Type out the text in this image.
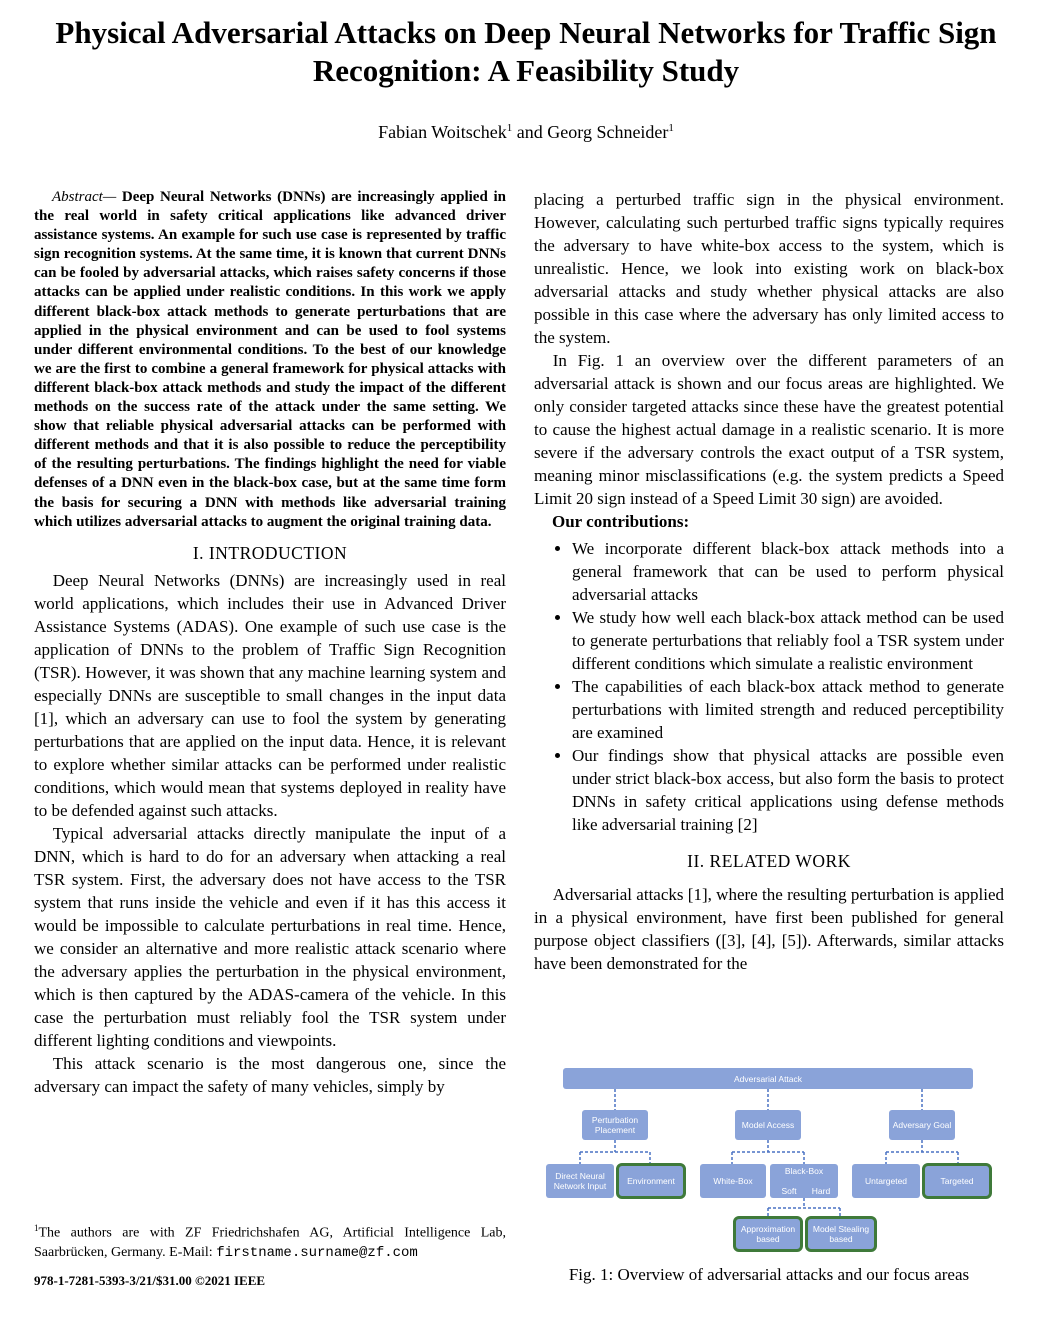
Physical Adversarial Attacks on Deep Neural Networks for Traffic Sign Recognition: A Feasibility Study
Fabian Woitschek$^1$ and Georg Schneider$^1$

Abstract— Deep Neural Networks (DNNs) are increasingly applied in the real world in safety critical applications like advanced driver assistance systems. An example for such use case is represented by traffic sign recognition systems. At the same time, it is known that current DNNs can be fooled by adversarial attacks, which raises safety concerns if those attacks can be applied under realistic conditions. In this work we apply different black-box attack methods to generate perturbations that are applied in the physical environment and can be used to fool systems under different environmental conditions. To the best of our knowledge we are the first to combine a general framework for physical attacks with different black-box attack methods and study the impact of the different methods on the success rate of the attack under the same setting. We show that reliable physical adversarial attacks can be performed with different methods and that it is also possible to reduce the perceptibility of the resulting perturbations. The findings highlight the need for viable defenses of a DNN even in the black-box case, but at the same time form the basis for securing a DNN with methods like adversarial training which utilizes adversarial attacks to augment the original training data.

I. INTRODUCTION

Deep Neural Networks (DNNs) are increasingly used in real world applications, which includes their use in Advanced Driver Assistance Systems (ADAS). One example of such use case is the application of DNNs to the problem of Traffic Sign Recognition (TSR). However, it was shown that any machine learning system and especially DNNs are susceptible to small changes in the input data [1], which an adversary can use to fool the system by generating perturbations that are applied on the input data. Hence, it is relevant to explore whether similar attacks can be performed under realistic conditions, which would mean that systems deployed in reality have to be defended against such attacks.

Typical adversarial attacks directly manipulate the input of a DNN, which is hard to do for an adversary when attacking a real TSR system. First, the adversary does not have access to the TSR system that runs inside the vehicle and even if it has this access it would be impossible to calculate perturbations in real time. Hence, we consider an alternative and more realistic attack scenario where the adversary applies the perturbation in the physical environment, which is then captured by the ADAS-camera of the vehicle. In this case the perturbation must reliably fool the TSR system under different lighting conditions and viewpoints.

This attack scenario is the most dangerous one, since the adversary can impact the safety of many vehicles, simply by

placing a perturbed traffic sign in the physical environment. However, calculating such perturbed traffic signs typically requires the adversary to have white-box access to the system, which is unrealistic. Hence, we look into existing work on black-box adversarial attacks and study whether physical attacks are also possible in this case where the adversary has only limited access to the system.

In Fig. 1 an overview over the different parameters of an adversarial attack is shown and our focus areas are highlighted. We only consider targeted attacks since these have the greatest potential to cause the highest actual damage in a realistic scenario. It is more severe if the adversary controls the exact output of a TSR system, meaning minor misclassifications (e.g. the system predicts a Speed Limit 20 sign instead of a Speed Limit 30 sign) are avoided.

Our contributions:
• We incorporate different black-box attack methods into a general framework that can be used to perform physical adversarial attacks
• We study how well each black-box attack method can be used to generate perturbations that reliably fool a TSR system under different conditions which simulate a realistic environment
• The capabilities of each black-box attack method to generate perturbations with limited strength and reduced perceptibility are examined
• Our findings show that physical attacks are possible even under strict black-box access, but also form the basis to protect DNNs in safety critical applications using defense methods like adversarial training [2]
II. RELATED WORK

Adversarial attacks [1], where the resulting perturbation is applied in a physical environment, have first been published for general purpose object classifiers ([3], [4], [5]). Afterwards, similar attacks have been demonstrated for the

$^1$The authors are with ZF Friedrichshafen AG, Artificial Intelligence Lab, Saarbrücken, Germany. E-Mail: firstname.surname@zf.com
978-1-7281-5393-3/21/$31.00 ©2021 IEEE
Adversarial Attack
Perturbation Placement	Model Access	Adversary Goal
Direct Neural Network Input	Environment	White-Box
Black-Box
Soft	Hard
Untargeted	Targeted
Approximation based
Model Stealing based
Fig. 1: Overview of adversarial attacks and our focus areas
